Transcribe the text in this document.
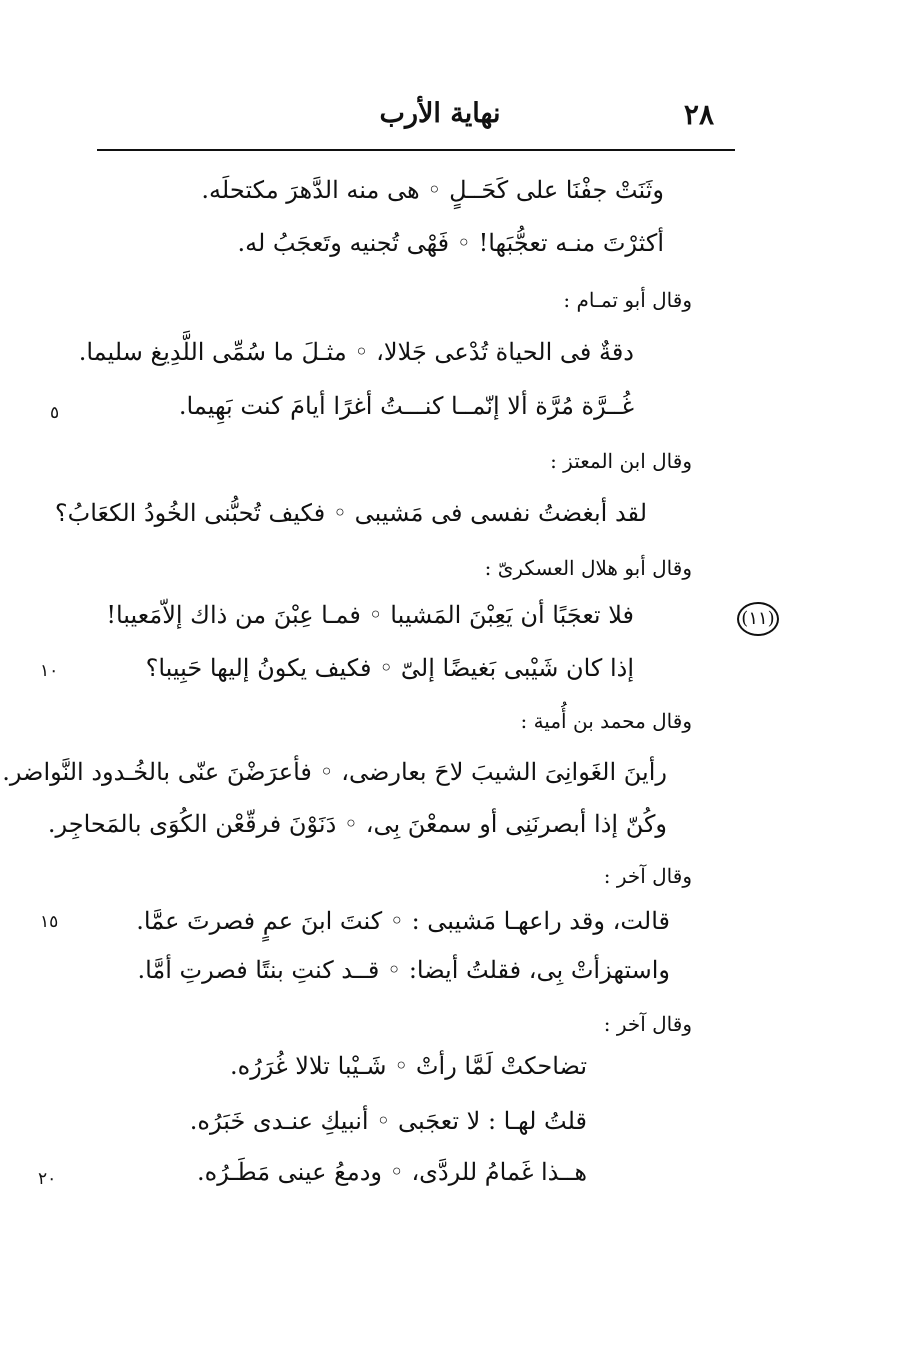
نهاية الأرب	٢٨
وثَنَتْ جفْنَا على كَحَــلٍ ◦ هى منه الدَّهرَ مكتحلَه.
أكثرْتَ منـه تعجُّبَها! ◦ فَهْى تُجنيه وتَعجَبُ له.
وقال أبو تمـام :
دقةٌ فى الحياة تُدْعى جَلالا، ◦ مثـلَ ما سُمِّى اللَّدِيغ سليما.
غُــرَّة مُرَّة ألا إنّمــا كنـــتُ أغرًا أيامَ كنت بَهِيما.
وقال ابن المعتز :
لقد أبغضتُ نفسى فى مَشيبى ◦ فكيف تُحبُّنى الخُودُ الكعَابُ؟
وقال أبو هلال العسكرىّ :
فلا تعجَبًا أن يَعِبْنَ المَشيبا ◦ فمـا عِبْنَ من ذاك إلاّمَعيبا!
إذا كان شَيْبى بَغيضًا إلىّ ◦ فكيف يكونُ إليها حَبِيبا؟
وقال محمد بن أُمية :
رأينَ الغَوانِىَ الشيبَ لاحَ بعارضى، ◦ فأعرَضْنَ عنّى بالخُـدود النَّواضر.
وكُنّ إذا أبصرنَنِى أو سمعْنَ بِى، ◦ دَنَوْنَ فرقّعْن الكُوَى بالمَحاجِر.
وقال آخر :
قالت، وقد راعهـا مَشيبى : ◦ كنتَ ابنَ عمٍ فصرتَ عمَّا.
واستهزأتْ بِى، فقلتُ أيضا: ◦ قــد كنتِ بنتًا فصرتِ أمَّا.
وقال آخر :
تضاحكتْ لَمَّا رأتْ ◦ شَـيْبا تلالا غُرَرُه.
قلتُ لهـا : لا تعجَبى ◦ أنبيكِ عنـدى خَبَرُه.
هــذا غَمامُ للردَّى، ◦ ودمعُ عينى مَطَـرُه.
٥
(١١)
١٠
١٥
٢٠
